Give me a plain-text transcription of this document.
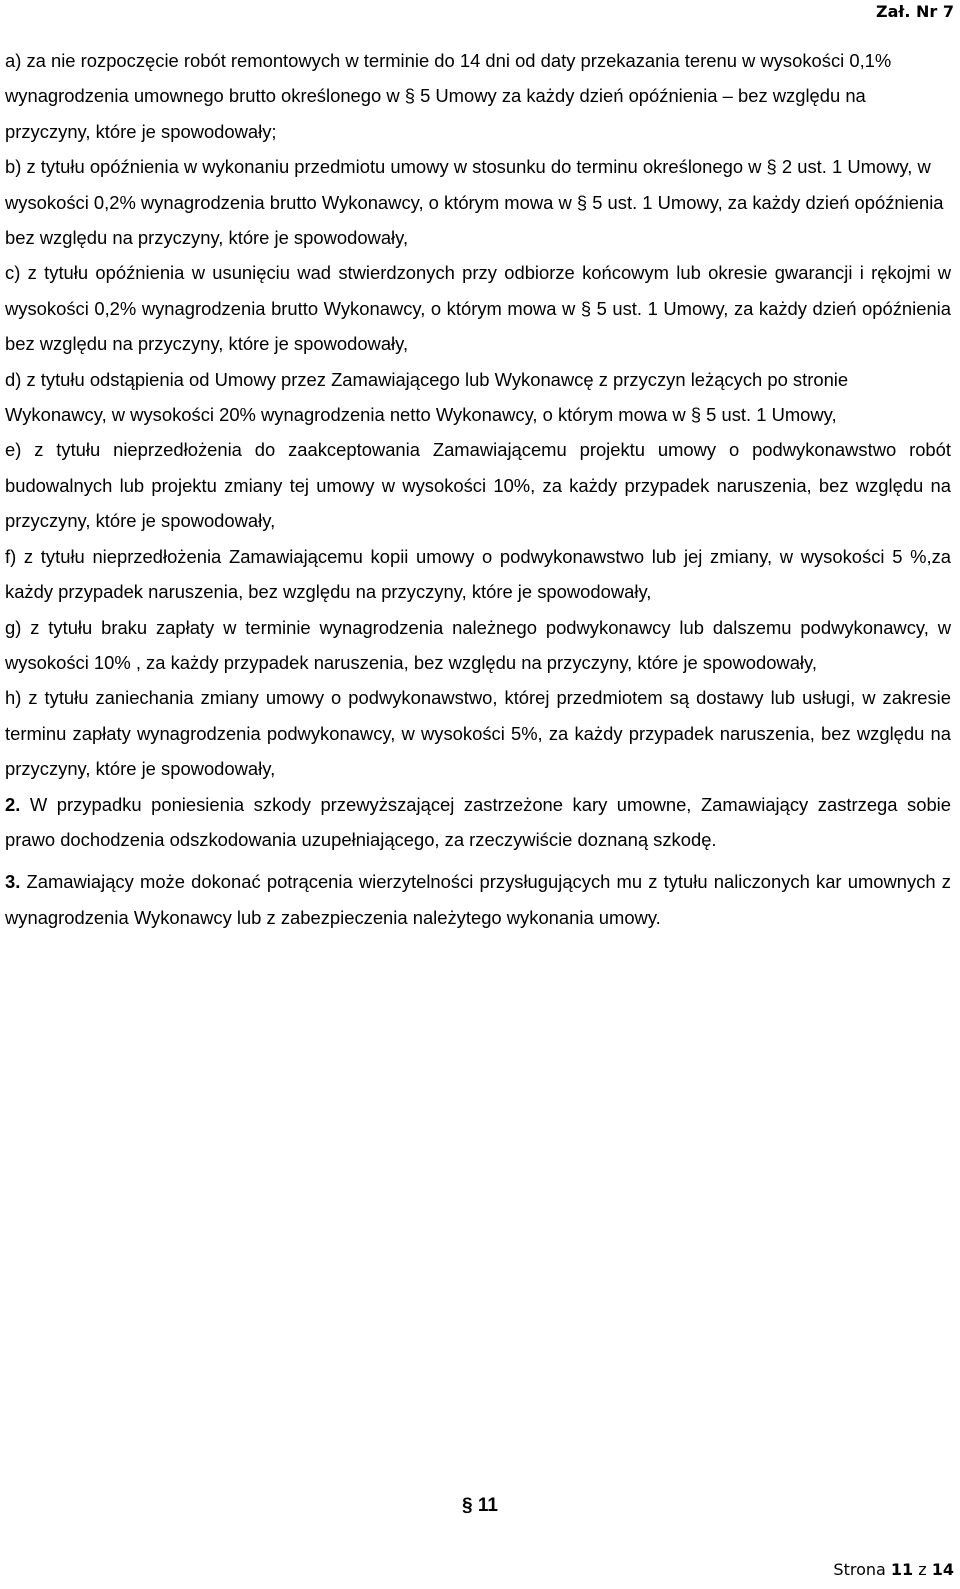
Zał. Nr 7

a) za nie rozpoczęcie robót remontowych w terminie do 14 dni od daty przekazania terenu w wysokości 0,1% wynagrodzenia umownego brutto określonego w § 5 Umowy za każdy dzień opóźnienia – bez względu na przyczyny, które je spowodowały;

b) z tytułu opóźnienia w wykonaniu przedmiotu umowy w stosunku do terminu określonego w § 2 ust. 1 Umowy, w wysokości 0,2% wynagrodzenia brutto Wykonawcy, o którym mowa w § 5 ust. 1 Umowy, za każdy dzień opóźnienia bez względu na przyczyny, które je spowodowały,

c) z tytułu opóźnienia w usunięciu wad stwierdzonych przy odbiorze końcowym lub okresie gwarancji i rękojmi w wysokości 0,2% wynagrodzenia brutto Wykonawcy, o którym mowa w § 5 ust. 1 Umowy, za każdy dzień opóźnienia bez względu na przyczyny, które je spowodowały,

d) z tytułu odstąpienia od Umowy przez Zamawiającego lub Wykonawcę z przyczyn leżących po stronie Wykonawcy, w wysokości 20% wynagrodzenia netto Wykonawcy, o którym mowa w § 5 ust. 1 Umowy,

e) z tytułu nieprzedłożenia do zaakceptowania Zamawiającemu projektu umowy o podwykonawstwo robót budowalnych lub projektu zmiany tej umowy w wysokości 10%, za każdy przypadek naruszenia, bez względu na przyczyny, które je spowodowały,

f) z tytułu nieprzedłożenia Zamawiającemu kopii umowy o podwykonawstwo lub jej zmiany, w wysokości 5 %,za każdy przypadek naruszenia, bez względu na przyczyny, które je spowodowały,

g) z tytułu braku zapłaty w terminie wynagrodzenia należnego podwykonawcy lub dalszemu podwykonawcy, w wysokości 10% , za każdy przypadek naruszenia, bez względu na przyczyny, które je spowodowały,

h) z tytułu zaniechania zmiany umowy o podwykonawstwo, której przedmiotem są dostawy lub usługi, w zakresie terminu zapłaty wynagrodzenia podwykonawcy, w wysokości 5%, za każdy przypadek naruszenia, bez względu na przyczyny, które je spowodowały,

2. W przypadku poniesienia szkody przewyższającej zastrzeżone kary umowne, Zamawiający zastrzega sobie prawo dochodzenia odszkodowania uzupełniającego, za rzeczywiście doznaną szkodę.

3. Zamawiający może dokonać potrącenia wierzytelności przysługujących mu z tytułu naliczonych kar umownych z wynagrodzenia Wykonawcy lub z zabezpieczenia należytego wykonania umowy.

§ 11
Strona 11 z 14
